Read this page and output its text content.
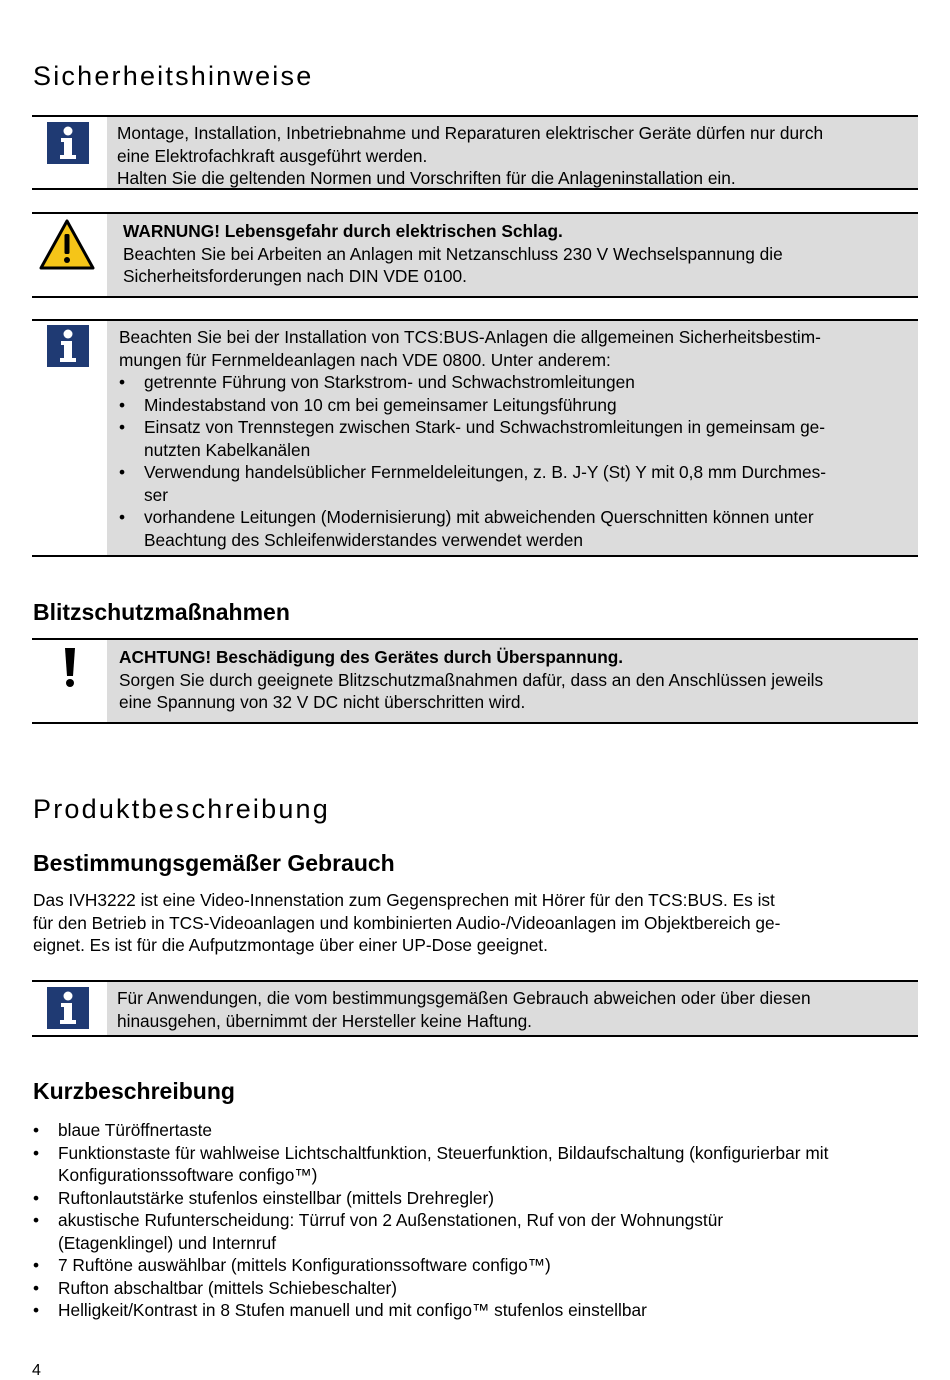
Sicherheitshinweise

Montage, Installation, Inbetriebnahme und Reparaturen elektrischer Geräte dürfen nur durch

eine Elektrofachkraft ausgeführt werden.

Halten Sie die geltenden Normen und Vorschriften für die Anlageninstallation ein.

WARNUNG! Lebensgefahr durch elektrischen Schlag.

Beachten Sie bei Arbeiten an Anlagen mit Netzanschluss 230 V Wechselspannung die

Sicherheitsforderungen nach DIN VDE 0100.

Beachten Sie bei der Installation von TCS:BUS-Anlagen die allgemeinen Sicherheitsbestim-

mungen für Fernmeldeanlagen nach VDE 0800. Unter anderem:

• getrennte Führung von Starkstrom- und Schwachstromleitungen
• Mindestabstand von 10 cm bei gemeinsamer Leitungsführung
• Einsatz von Trennstegen zwischen Stark- und Schwachstromleitungen in gemeinsam ge-
nutzten Kabelkanälen
• Verwendung handelsüblicher Fernmeldeleitungen, z. B. J-Y (St) Y mit 0,8 mm Durchmes-
ser
• vorhandene Leitungen (Modernisierung) mit abweichenden Querschnitten können unter
Beachtung des Schleifenwiderstandes verwendet werden
Blitzschutzmaßnahmen

ACHTUNG! Beschädigung des Gerätes durch Überspannung.

Sorgen Sie durch geeignete Blitzschutzmaßnahmen dafür, dass an den Anschlüssen jeweils

eine Spannung von 32 V DC nicht überschritten wird.

Produktbeschreibung
Bestimmungsgemäßer Gebrauch

Das IVH3222 ist eine Video-Innenstation zum Gegensprechen mit Hörer für den TCS:BUS. Es ist

für den Betrieb in TCS-Videoanlagen und kombinierten Audio-/Videoanlagen im Objektbereich ge-

eignet. Es ist für die Aufputzmontage über einer UP-Dose geeignet.

Für Anwendungen, die vom bestimmungsgemäßen Gebrauch abweichen oder über diesen

hinausgehen, übernimmt der Hersteller keine Haftung.

Kurzbeschreibung
• blaue Türöffnertaste
• Funktionstaste für wahlweise Lichtschaltfunktion, Steuerfunktion, Bildaufschaltung (konfigurierbar mit
Konfigurationssoftware configo™)
• Ruftonlautstärke stufenlos einstellbar (mittels Drehregler)
• akustische Rufunterscheidung: Türruf von 2 Außenstationen, Ruf von der Wohnungstür
(Etagenklingel) und Internruf
• 7 Ruftöne auswählbar (mittels Konfigurationssoftware configo™)
• Rufton abschaltbar (mittels Schiebeschalter)
• Helligkeit/Kontrast in 8 Stufen manuell und mit configo™ stufenlos einstellbar
4
